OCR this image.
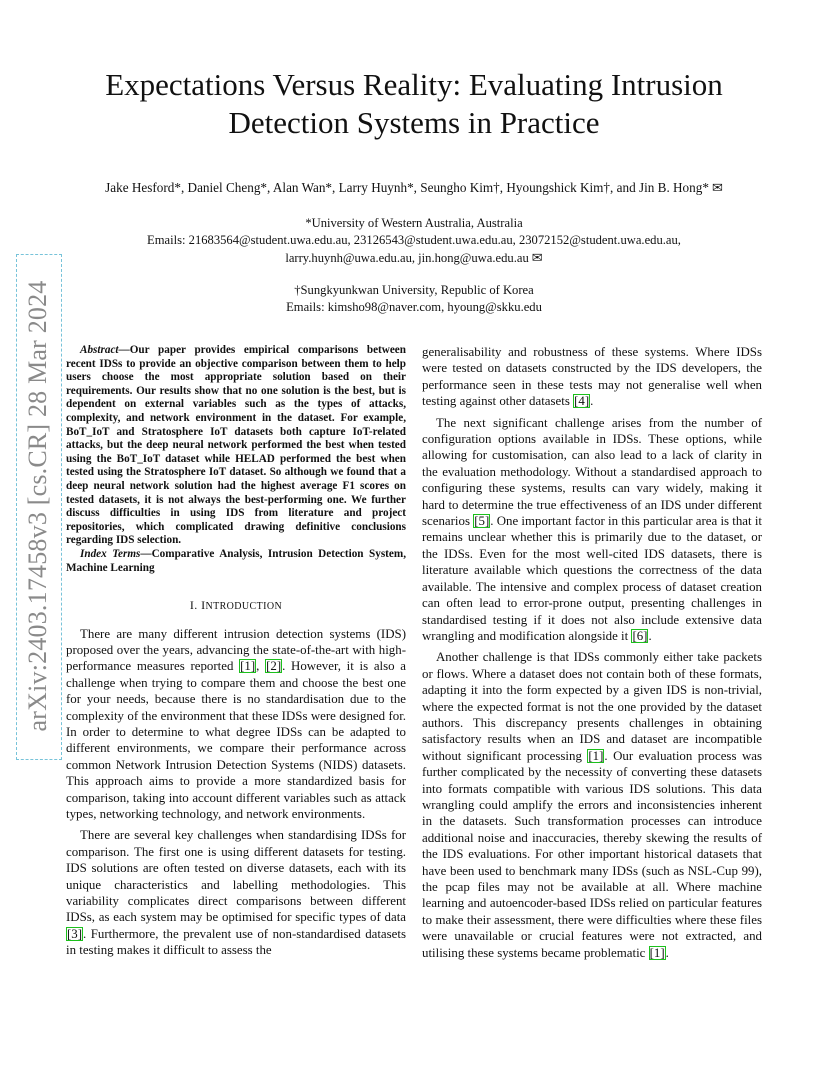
arXiv:2403.17458v3 [cs.CR] 28 Mar 2024
Expectations Versus Reality: Evaluating Intrusion Detection Systems in Practice
Jake Hesford*, Daniel Cheng*, Alan Wan*, Larry Huynh*, Seungho Kim†, Hyoungshick Kim†, and Jin B. Hong* ✉
*University of Western Australia, Australia
Emails: 21683564@student.uwa.edu.au, 23126543@student.uwa.edu.au, 23072152@student.uwa.edu.au,
larry.huynh@uwa.edu.au, jin.hong@uwa.edu.au ✉
†Sungkyunkwan University, Republic of Korea
Emails: kimsho98@naver.com, hyoung@skku.edu

Abstract—Our paper provides empirical comparisons between recent IDSs to provide an objective comparison between them to help users choose the most appropriate solution based on their requirements. Our results show that no one solution is the best, but is dependent on external variables such as the types of attacks, complexity, and network environment in the dataset. For example, BoT_IoT and Stratosphere IoT datasets both capture IoT-related attacks, but the deep neural network performed the best when tested using the BoT_IoT dataset while HELAD performed the best when tested using the Stratosphere IoT dataset. So although we found that a deep neural network solution had the highest average F1 scores on tested datasets, it is not always the best-performing one. We further discuss difficulties in using IDS from literature and project repositories, which complicated drawing definitive conclusions regarding IDS selection.

Index Terms—Comparative Analysis, Intrusion Detection System, Machine Learning

I. INTRODUCTION

There are many different intrusion detection systems (IDS) proposed over the years, advancing the state-of-the-art with high-performance measures reported [1], [2]. However, it is also a challenge when trying to compare them and choose the best one for your needs, because there is no standardisation due to the complexity of the environment that these IDSs were designed for. In order to determine to what degree IDSs can be adapted to different environments, we compare their performance across common Network Intrusion Detection Systems (NIDS) datasets. This approach aims to provide a more standardized basis for comparison, taking into account different variables such as attack types, networking technology, and network environments.

There are several key challenges when standardising IDSs for comparison. The first one is using different datasets for testing. IDS solutions are often tested on diverse datasets, each with its unique characteristics and labelling methodologies. This variability complicates direct comparisons between different IDSs, as each system may be optimised for specific types of data [3]. Furthermore, the prevalent use of non-standardised datasets in testing makes it difficult to assess the

generalisability and robustness of these systems. Where IDSs were tested on datasets constructed by the IDS developers, the performance seen in these tests may not generalise well when testing against other datasets [4].

The next significant challenge arises from the number of configuration options available in IDSs. These options, while allowing for customisation, can also lead to a lack of clarity in the evaluation methodology. Without a standardised approach to configuring these systems, results can vary widely, making it hard to determine the true effectiveness of an IDS under different scenarios [5]. One important factor in this particular area is that it remains unclear whether this is primarily due to the dataset, or the IDSs. Even for the most well-cited IDS datasets, there is literature available which questions the correctness of the data available. The intensive and complex process of dataset creation can often lead to error-prone output, presenting challenges in standardised testing if it does not also include extensive data wrangling and modification alongside it [6].

Another challenge is that IDSs commonly either take packets or flows. Where a dataset does not contain both of these formats, adapting it into the form expected by a given IDS is non-trivial, where the expected format is not the one provided by the dataset authors. This discrepancy presents challenges in obtaining satisfactory results when an IDS and dataset are incompatible without significant processing [1]. Our evaluation process was further complicated by the necessity of converting these datasets into formats compatible with various IDS solutions. This data wrangling could amplify the errors and inconsistencies inherent in the datasets. Such transformation processes can introduce additional noise and inaccuracies, thereby skewing the results of the IDS evaluations. For other important historical datasets that have been used to benchmark many IDSs (such as NSL-Cup 99), the pcap files may not be available at all. Where machine learning and autoencoder-based IDSs relied on particular features to make their assessment, there were difficulties where these files were unavailable or crucial features were not extracted, and utilising these systems became problematic [1].
